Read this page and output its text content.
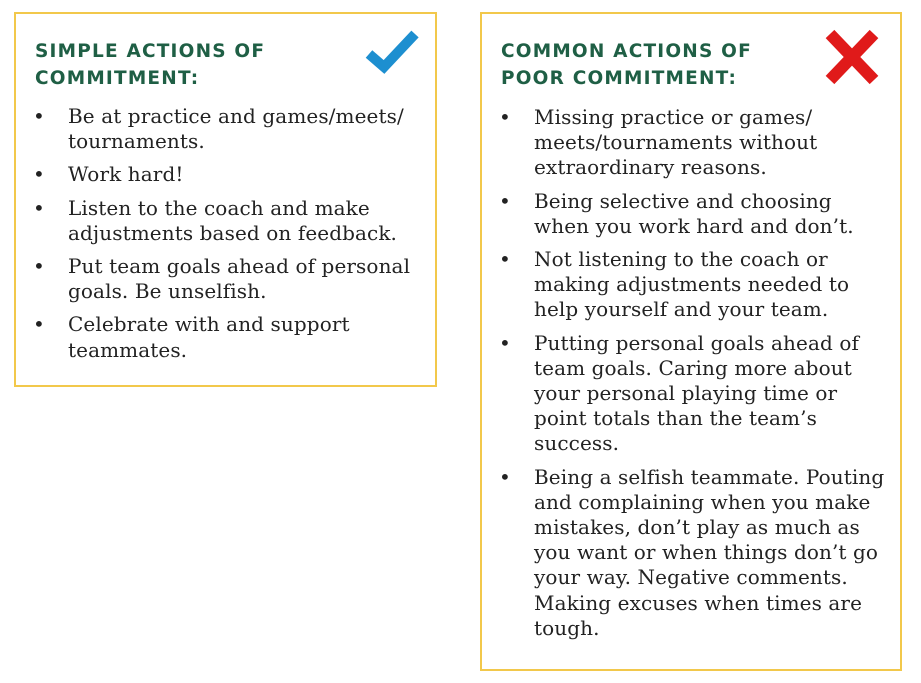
SIMPLE ACTIONS OF
COMMITMENT:
• Be at practice and games/meets/ tournaments.
• Work hard!
• Listen to the coach and make adjustments based on feedback.
• Put team goals ahead of personal goals. Be unselfish.
• Celebrate with and support teammates.
COMMON ACTIONS OF
POOR COMMITMENT:
• Missing practice or games/ meets/tournaments without extraordinary reasons.
• Being selective and choosing when you work hard and don’t.
• Not listening to the coach or making adjustments needed to help yourself and your team.
• Putting personal goals ahead of team goals. Caring more about your personal playing time or point totals than the team’s success.
• Being a selfish teammate. Pouting and complaining when you make mistakes, don’t play as much as you want or when things don’t go your way. Negative comments. Making excuses when times are tough.
